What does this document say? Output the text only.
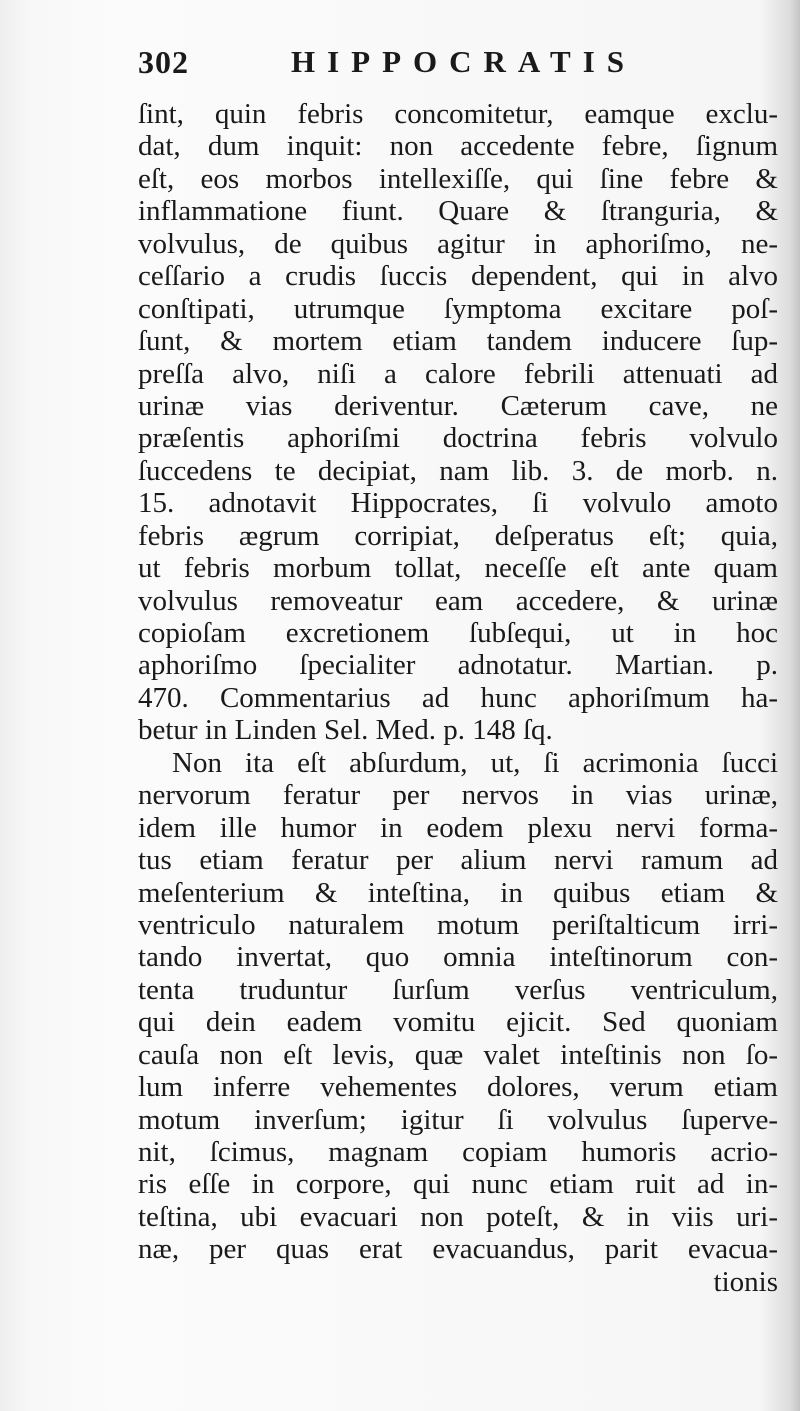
302	HIPPOCRATIS
ſint, quin febris concomitetur, eamque exclu-
dat, dum inquit: non accedente febre, ſignum
eſt, eos morbos intellexiſſe, qui ſine febre &
inflammatione fiunt. Quare & ſtranguria, &
volvulus, de quibus agitur in aphoriſmo, ne-
ceſſario a crudis ſuccis dependent, qui in alvo
conſtipati, utrumque ſymptoma excitare poſ-
ſunt, & mortem etiam tandem inducere ſup-
preſſa alvo, niſi a calore febrili attenuati ad
urinæ vias deriventur. Cæterum cave, ne
præſentis aphoriſmi doctrina febris volvulo
ſuccedens te decipiat, nam lib. 3. de morb. n.
15. adnotavit Hippocrates, ſi volvulo amoto
febris ægrum corripiat, deſperatus eſt; quia,
ut febris morbum tollat, neceſſe eſt ante quam
volvulus removeatur eam accedere, & urinæ
copioſam excretionem ſubſequi, ut in hoc
aphoriſmo ſpecialiter adnotatur. Martian. p.
470. Commentarius ad hunc aphoriſmum ha-
betur in Linden Sel. Med. p. 148 ſq.
Non ita eſt abſurdum, ut, ſi acrimonia ſucci
nervorum feratur per nervos in vias urinæ,
idem ille humor in eodem plexu nervi forma-
tus etiam feratur per alium nervi ramum ad
meſenterium & inteſtina, in quibus etiam &
ventriculo naturalem motum periſtalticum irri-
tando invertat, quo omnia inteſtinorum con-
tenta truduntur ſurſum verſus ventriculum,
qui dein eadem vomitu ejicit. Sed quoniam
cauſa non eſt levis, quæ valet inteſtinis non ſo-
lum inferre vehementes dolores, verum etiam
motum inverſum; igitur ſi volvulus ſuperve-
nit, ſcimus, magnam copiam humoris acrio-
ris eſſe in corpore, qui nunc etiam ruit ad in-
teſtina, ubi evacuari non poteſt, & in viis uri-
næ, per quas erat evacuandus, parit evacua-
tionis
